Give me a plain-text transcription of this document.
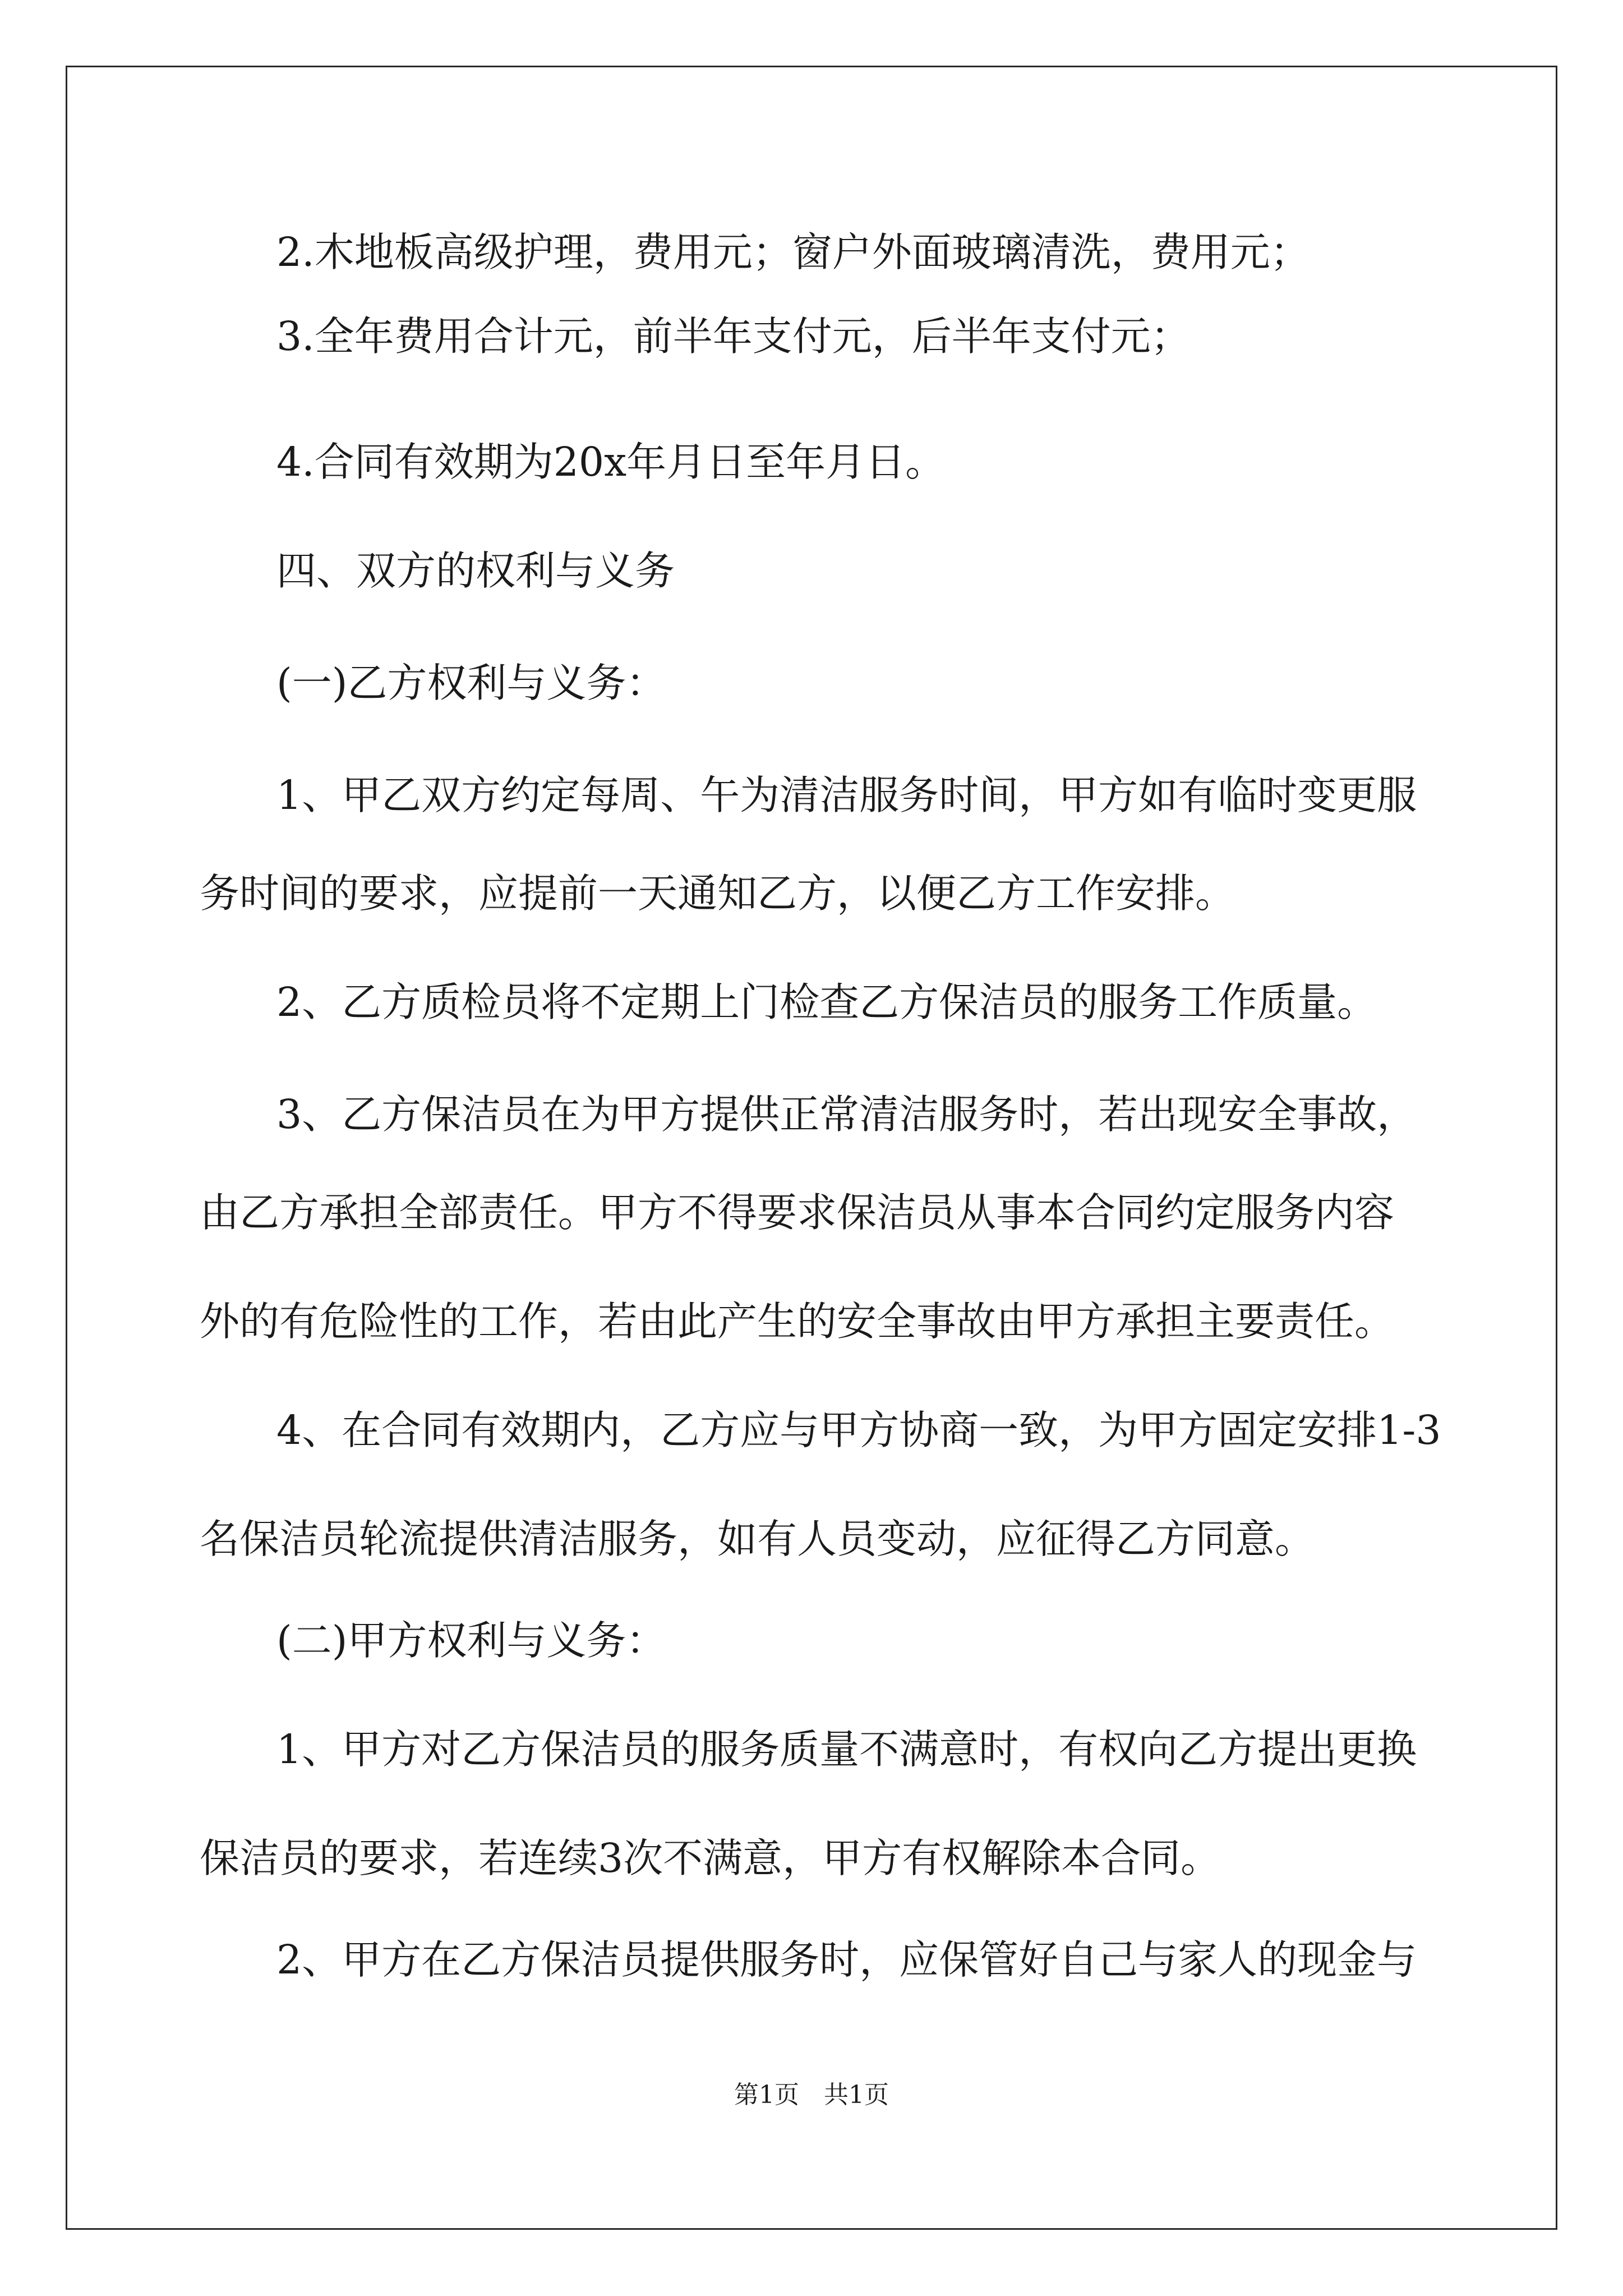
2.木地板高级护理，费用元；窗户外面玻璃清洗，费用元；
3.全年费用合计元，前半年支付元，后半年支付元；
4.合同有效期为20x年月日至年月日。
四、双方的权利与义务
(一)乙方权利与义务：
1、甲乙双方约定每周、午为清洁服务时间，甲方如有临时变更服
务时间的要求，应提前一天通知乙方，以便乙方工作安排。
2、乙方质检员将不定期上门检查乙方保洁员的服务工作质量。
3、乙方保洁员在为甲方提供正常清洁服务时，若出现安全事故，
由乙方承担全部责任。甲方不得要求保洁员从事本合同约定服务内容
外的有危险性的工作，若由此产生的安全事故由甲方承担主要责任。
4、在合同有效期内，乙方应与甲方协商一致，为甲方固定安排1-3
名保洁员轮流提供清洁服务，如有人员变动，应征得乙方同意。
(二)甲方权利与义务：
1、甲方对乙方保洁员的服务质量不满意时，有权向乙方提出更换
保洁员的要求，若连续3次不满意，甲方有权解除本合同。
2、甲方在乙方保洁员提供服务时，应保管好自己与家人的现金与
第1页　共1页
